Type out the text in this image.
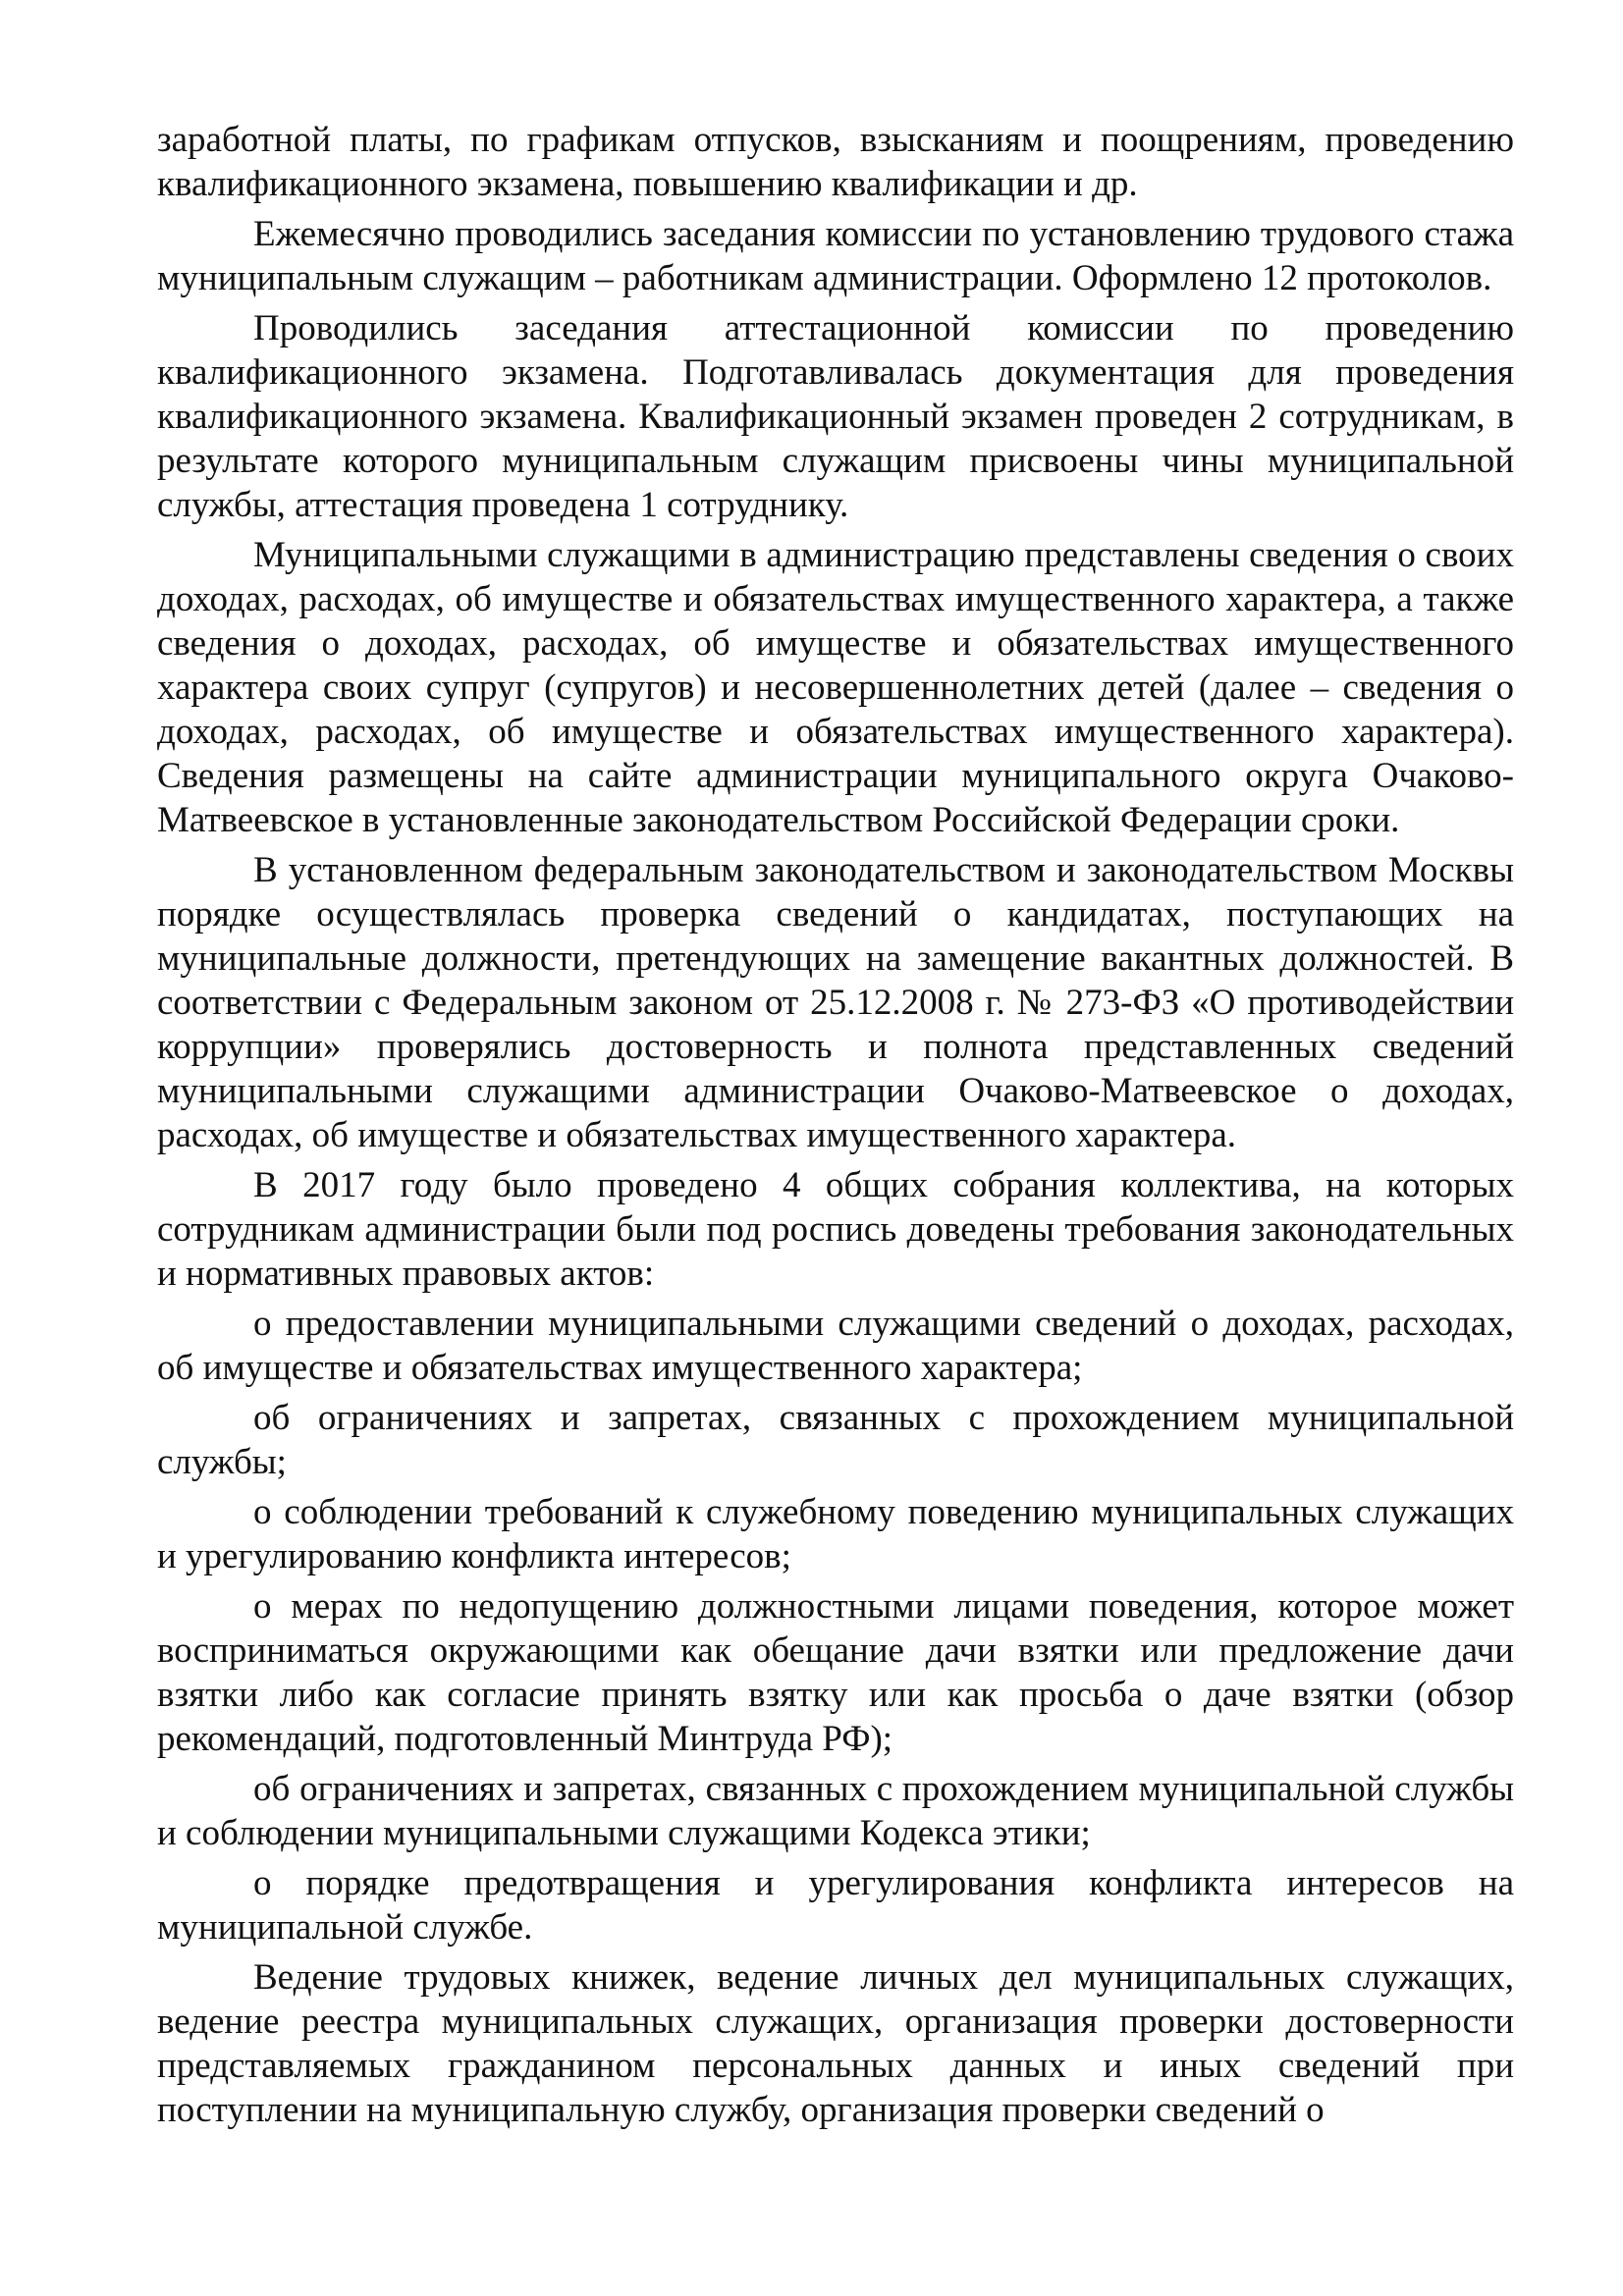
заработной платы, по графикам отпусков, взысканиям и поощрениям, проведению квалификационного экзамена, повышению квалификации и др.

Ежемесячно проводились заседания комиссии по установлению трудового стажа муниципальным служащим – работникам администрации. Оформлено 12 протоколов.

Проводились заседания аттестационной комиссии по проведению квалификационного экзамена. Подготавливалась документация для проведения квалификационного экзамена. Квалификационный экзамен проведен 2 сотрудникам, в результате которого муниципальным служащим присвоены чины муниципальной службы, аттестация проведена 1 сотруднику.

Муниципальными служащими в администрацию представлены сведения о своих доходах, расходах, об имуществе и обязательствах имущественного характера, а также сведения о доходах, расходах, об имуществе и обязательствах имущественного характера своих супруг (супругов) и несовершеннолетних детей (далее – сведения о доходах, расходах, об имуществе и обязательствах имущественного характера). Сведения размещены на сайте администрации муниципального округа Очаково-Матвеевское в установленные законодательством Российской Федерации сроки.

В установленном федеральным законодательством и законодательством Москвы порядке осуществлялась проверка сведений о кандидатах, поступающих на муниципальные должности, претендующих на замещение вакантных должностей. В соответствии с Федеральным законом от 25.12.2008 г. № 273-ФЗ «О противодействии коррупции» проверялись достоверность и полнота представленных сведений муниципальными служащими администрации Очаково-Матвеевское о доходах, расходах, об имуществе и обязательствах имущественного характера.

В 2017 году было проведено 4 общих собрания коллектива, на которых сотрудникам администрации были под роспись доведены требования законодательных и нормативных правовых актов:

о предоставлении муниципальными служащими сведений о доходах, расходах, об имуществе и обязательствах имущественного характера;

об ограничениях и запретах, связанных с прохождением муниципальной службы;

о соблюдении требований к служебному поведению муниципальных служащих и урегулированию конфликта интересов;

о мерах по недопущению должностными лицами поведения, которое может восприниматься окружающими как обещание дачи взятки или предложение дачи взятки либо как согласие принять взятку или как просьба о даче взятки (обзор рекомендаций, подготовленный Минтруда РФ);

об ограничениях и запретах, связанных с прохождением муниципальной службы и соблюдении муниципальными служащими Кодекса этики;

о порядке предотвращения и урегулирования конфликта интересов на муниципальной службе.

Ведение трудовых книжек, ведение личных дел муниципальных служащих, ведение реестра муниципальных служащих, организация проверки достоверности представляемых гражданином персональных данных и иных сведений при поступлении на муниципальную службу, организация проверки сведений о
